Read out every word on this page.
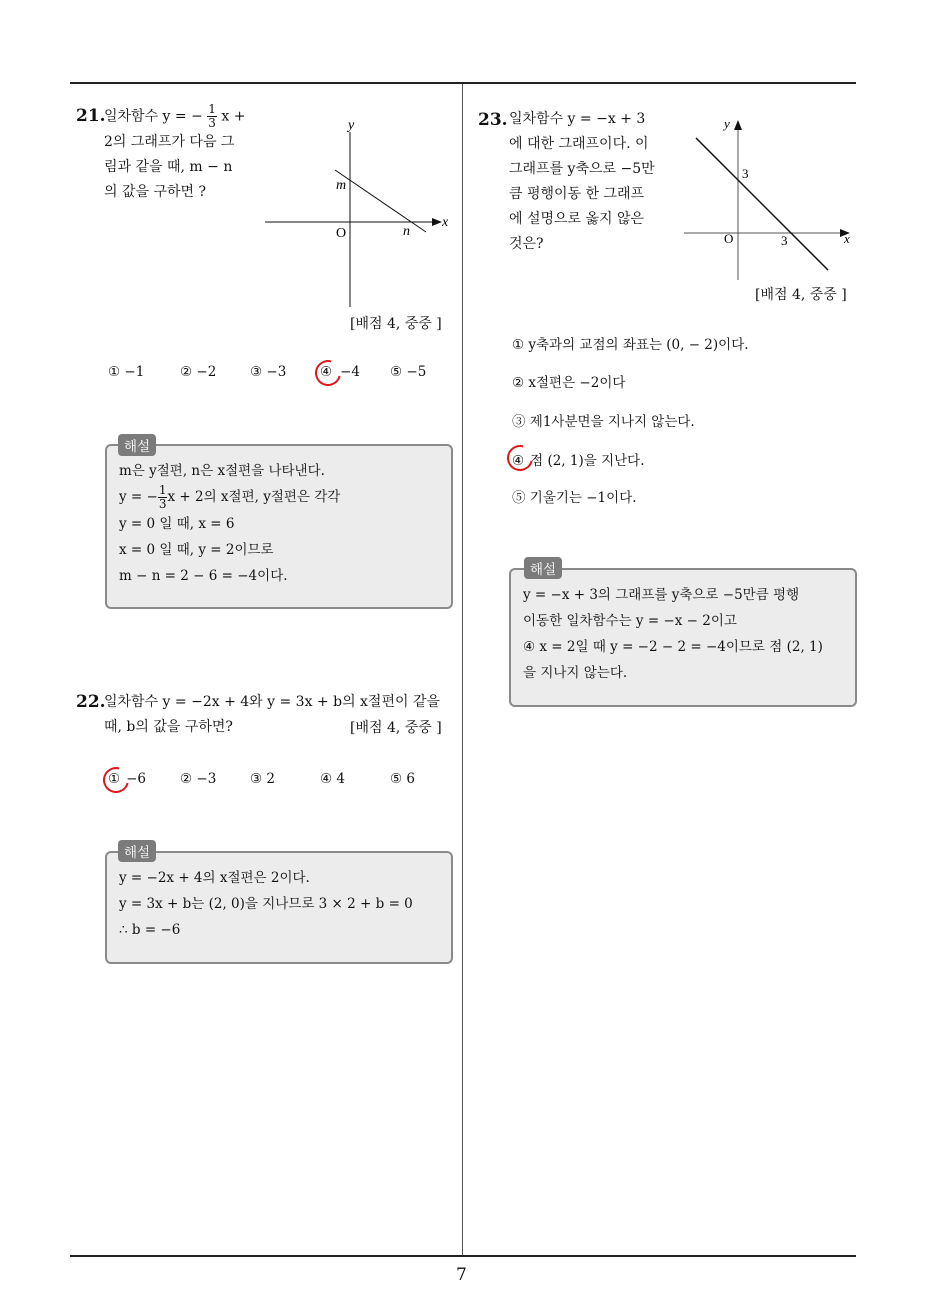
7
21.
일차함수 y = − $\frac{1}{3}$ x +
2의 그래프가 다음 그
림과 같을 때, m − n
의 값을 구하면 ?
y
x
O
m
n
[배점 4, 중중 ]
① −1	② −2 ③ −3 ④ −4 ⑤ −5
m은 y절편, n은 x절편을 나타낸다.
y = − $\frac{1}{3}$ x + 2의 x절편, y절편은 각각
y = 0 일 때, x = 6
x = 0 일 때, y = 2이므로
m − n = 2 − 6 = −4이다.
해설
22.
일차함수 y = −2x + 4와 y = 3x + b의 x절편이 같을
때, b의 값을 구하면?	[배점 4, 중중 ]
① −6	② −3 ③ 2	④ 4	⑤ 6
y = −2x + 4의 x절편은 2이다.
y = 3x + b는 (2, 0)을 지나므로 3 × 2 + b = 0
∴ b = −6
해설
23. 일차함수 y = −x + 3
에 대한 그래프이다. 이
그래프를 y축으로 −5만
큼 평행이동 한 그래프
에 설명으로 옳지 않은
것은?
y
x
O
3
3
[배점 4, 중중 ]
① y축과의 교점의 좌표는 (0, − 2)이다.
② x절편은 −2이다
③ 제1사분면을 지나지 않는다.
④ 점 (2, 1)을 지난다.
⑤ 기울기는 −1이다.
y = −x + 3의 그래프를 y축으로 −5만큼 평행
이동한 일차함수는 y = −x − 2이고
④ x = 2일 때 y = −2 − 2 = −4이므로 점 (2, 1)
을 지나지 않는다.
해설
